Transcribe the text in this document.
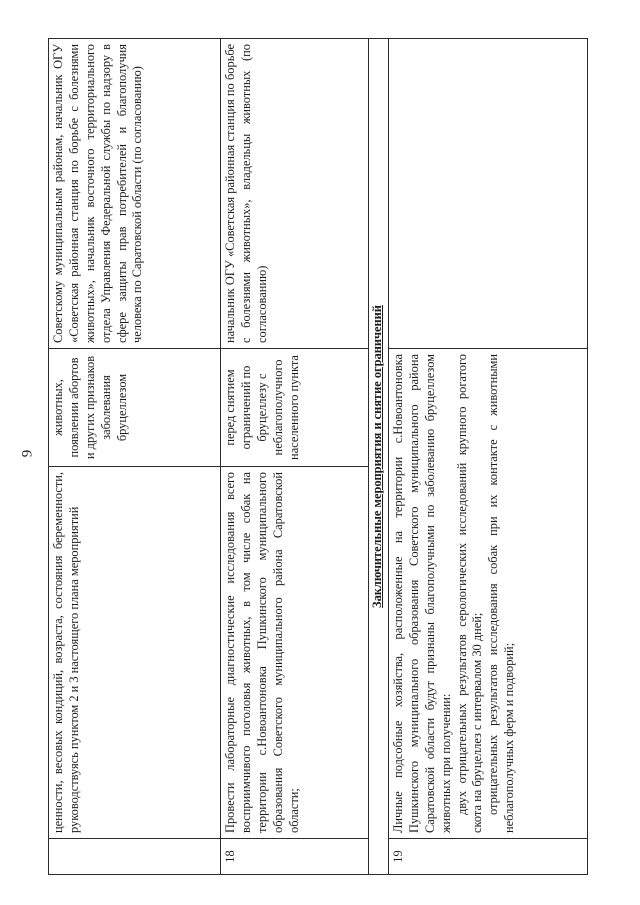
9
	ценности, весовых кондиций, возраста, состояния беременности, руководствуясь пунктом 2 и 3 настоящего плана мероприятий	животных, появлении абортов и других признаков заболевания бруцеллезом	Советскому муниципальным районам, начальник ОГУ «Советская районная станция по борьбе с болезнями животных», начальник восточного территориального отдела Управления Федеральной службы по надзору в сфере защиты прав потребителей и благополучия человека по Саратовской области (по согласованию)
18	Провести лабораторные диагностические исследования всего восприимчивого поголовья животных, в том числе собак на территории с.Новоантоновка Пушкинского муниципального образования Советского муниципального района Саратовской области;	перед снятием ограничений по бруцеллезу с неблагополучного населенного пункта	начальник ОГУ «Советская районная станция по борьбе с болезнями животных», владельцы животных (по согласованию)
Заключительные мероприятия и снятие ограничений			
19	Личные подсобные хозяйства, расположенные на территории с.Новоантоновка Пушкинского муниципального образования Советского муниципального района Саратовской области будут признаны благополучными по заболеванию бруцеллезом животных при получении: двух отрицательных результатов серологических исследований крупного рогатого скота на бруцеллез с интервалом 30 дней; отрицательных результатов исследования собак при их контакте с животными неблагополучных ферм и подворий;		
